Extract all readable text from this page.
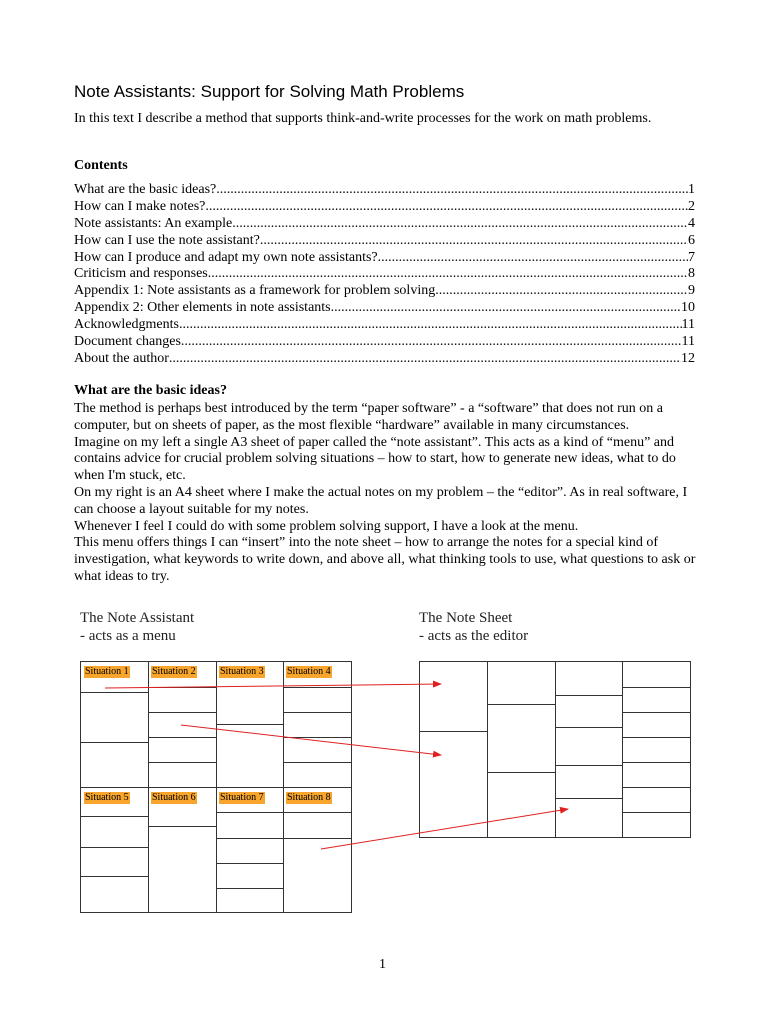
Note Assistants: Support for Solving Math Problems

In this text I describe a method that supports think-and-write processes for the work on math problems.

Contents
What are the basic ideas? .....	1
How can I make notes? .....	2
Note assistants: An example .....	4
How can I use the note assistant? .....	6
How can I produce and adapt my own note assistants? .....	7
Criticism and responses .....	8
Appendix 1: Note assistants as a framework for problem solving .....	9
Appendix 2: Other elements in note assistants .....	10
Acknowledgments .....	11
Document changes .....	11
About the author .....	12
What are the basic ideas?

The method is perhaps best introduced by the term “paper software” - a “software” that does not run on a computer, but on sheets of paper, as the most flexible “hardware” available in many circumstances.

Imagine on my left a single A3 sheet of paper called the “note assistant”. This acts as a kind of “menu” and contains advice for crucial problem solving situations – how to start, how to generate new ideas, what to do when I'm stuck, etc.

On my right is an A4 sheet where I make the actual notes on my problem – the “editor”. As in real software, I can choose a layout suitable for my notes.

Whenever I feel I could do with some problem solving support, I have a look at the menu.

This menu offers things I can “insert” into the note sheet – how to arrange the notes for a special kind of investigation, what keywords to write down, and above all, what thinking tools to use, what questions to ask or what ideas to try.

The Note Assistant
- acts as a menu

The Note Sheet
- acts as the editor

Situation 1 Situation 2 Situation 3 Situation 4
Situation 5 Situation 6 Situation 7 Situation 8

1
